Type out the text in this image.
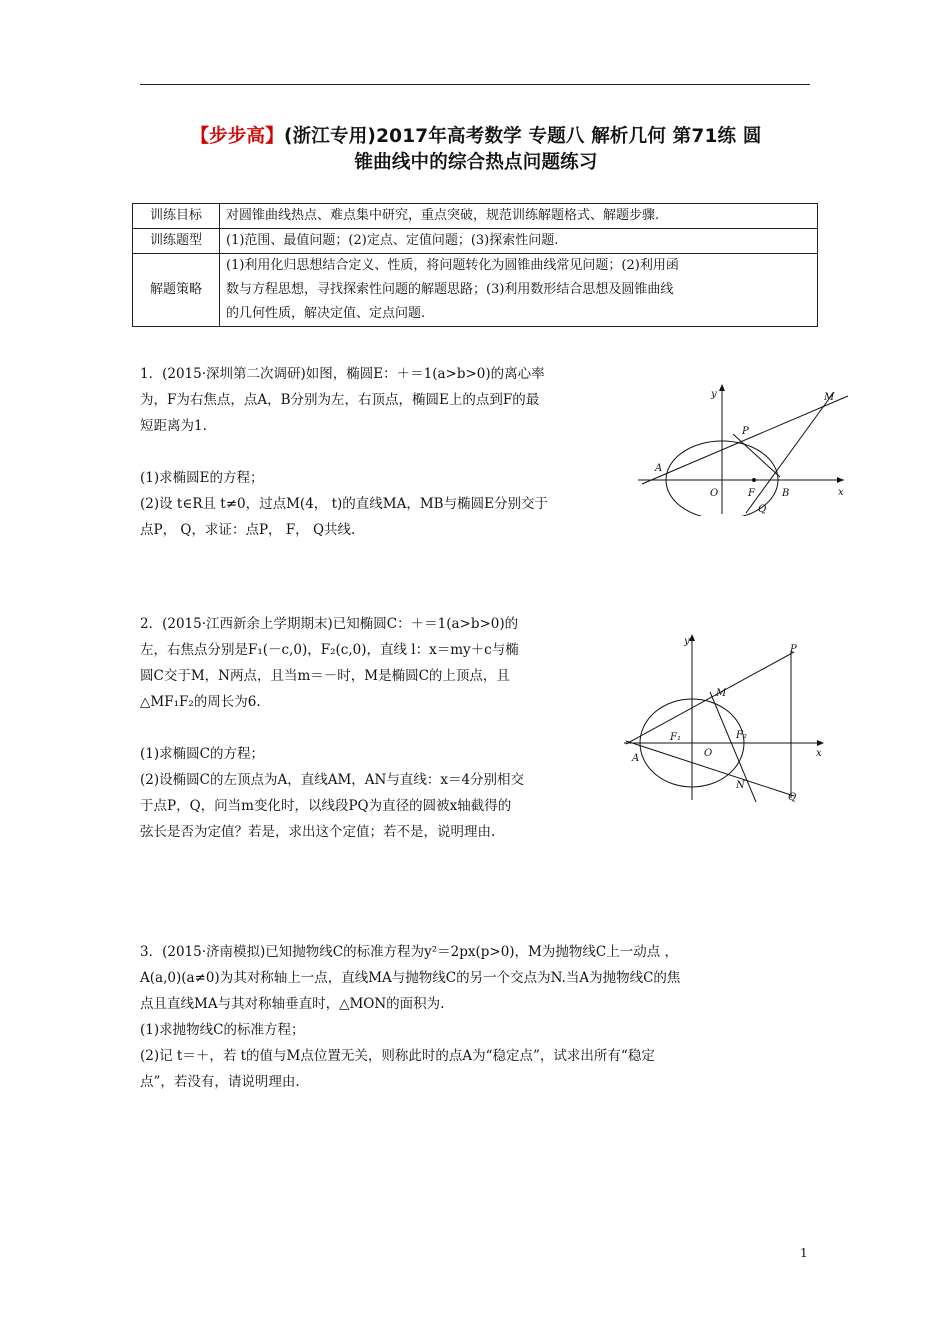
【步步高】(浙江专用)2017年高考数学 专题八 解析几何 第71练 圆
锥曲线中的综合热点问题练习
训练目标	对圆锥曲线热点、难点集中研究，重点突破，规范训练解题格式、解题步骤.

训练题型	(1)范围、最值问题；(2)定点、定值问题；(3)探索性问题.

解题策略	(1)利用化归思想结合定义、性质，将问题转化为圆锥曲线常见问题；(2)利用函
数与方程思想，寻找探索性问题的解题思路；(3)利用数形结合思想及圆锥曲线
的几何性质，解决定值、定点问题.
1．(2015·深圳第二次调研)如图，椭圆E：＋＝1(a>b>0)的离心率
为，F为右焦点，点A，B分别为左，右顶点，椭圆E上的点到F的最
短距离为1.

(1)求椭圆E的方程；
(2)设 t∈R且 t≠0，过点M(4， t)的直线MA，MB与椭圆E分别交于
点P， Q，求证：点P， F， Q共线.
y
x
O
A
B
F
P
M
Q
2．(2015·江西新余上学期期末)已知椭圆C：＋＝1(a>b>0)的
左，右焦点分别是F₁(－c,0)，F₂(c,0)，直线 l：x＝my＋c与椭
圆C交于M，N两点，且当m＝－时，M是椭圆C的上顶点，且
△MF₁F₂的周长为6.

(1)求椭圆C的方程；
(2)设椭圆C的左顶点为A，直线AM，AN与直线：x＝4分别相交
于点P，Q，问当m变化时，以线段PQ为直径的圆被x轴截得的
弦长是否为定值？若是，求出这个定值；若不是，说明理由.
y
x
O
A
F₁	F₂
M
N
P
Q
3．(2015·济南模拟)已知抛物线C的标准方程为y²＝2px(p>0)，M为抛物线C上一动点 ，
A(a,0)(a≠0)为其对称轴上一点，直线MA与抛物线C的另一个交点为N.当A为抛物线C的焦
点且直线MA与其对称轴垂直时，△MON的面积为.
(1)求抛物线C的标准方程；
(2)记 t＝＋，若 t的值与M点位置无关，则称此时的点A为“稳定点”，试求出所有“稳定
点”，若没有，请说明理由.
1
